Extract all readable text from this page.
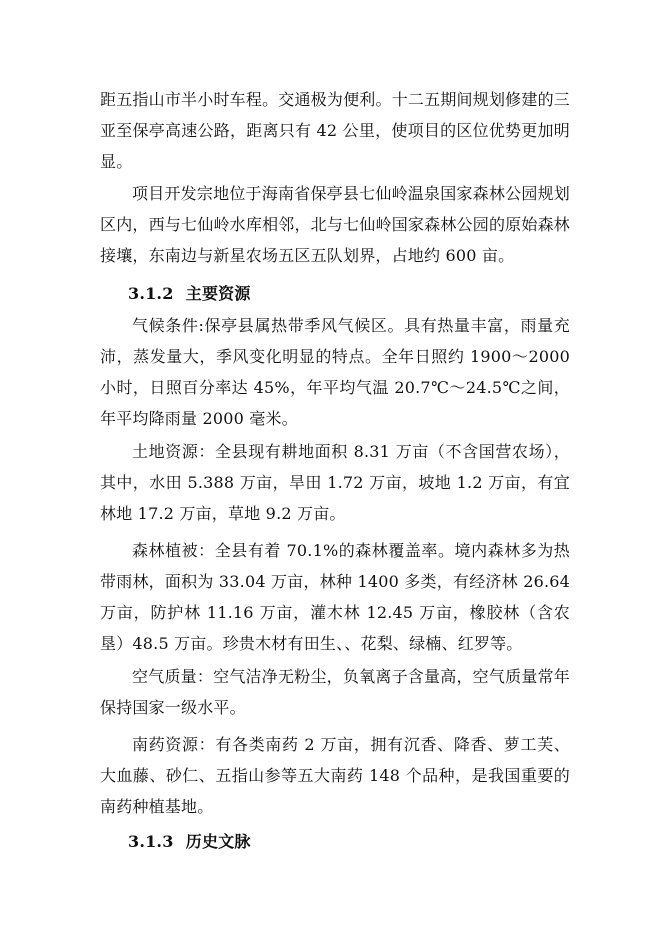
距五指山市半小时车程。交通极为便利。十二五期间规划修建的三亚至保亭高速公路，距离只有 42 公里，使项目的区位优势更加明显。

项目开发宗地位于海南省保亭县七仙岭温泉国家森林公园规划区内，西与七仙岭水库相邻，北与七仙岭国家森林公园的原始森林接壤，东南边与新星农场五区五队划界，占地约 600 亩。

3.1.2 主要资源

气候条件:保亭县属热带季风气候区。具有热量丰富，雨量充沛，蒸发量大，季风变化明显的特点。全年日照约 1900～2000 小时，日照百分率达 45%，年平均气温 20.7℃～24.5℃之间，年平均降雨量 2000 毫米。

土地资源：全县现有耕地面积 8.31 万亩（不含国营农场），其中，水田 5.388 万亩，旱田 1.72 万亩，坡地 1.2 万亩，有宜林地 17.2 万亩，草地 9.2 万亩。

森林植被：全县有着 70.1%的森林覆盖率。境内森林多为热带雨林，面积为 33.04 万亩，林种 1400 多类，有经济林 26.64 万亩，防护林 11.16 万亩，灌木林 12.45 万亩，橡胶林（含农垦）48.5 万亩。珍贵木材有田生、、花梨、绿楠、红罗等。

空气质量：空气洁净无粉尘，负氧离子含量高，空气质量常年保持国家一级水平。

南药资源：有各类南药 2 万亩，拥有沉香、降香、萝工芙、大血藤、砂仁、五指山参等五大南药 148 个品种，是我国重要的南药种植基地。

3.1.3 历史文脉
